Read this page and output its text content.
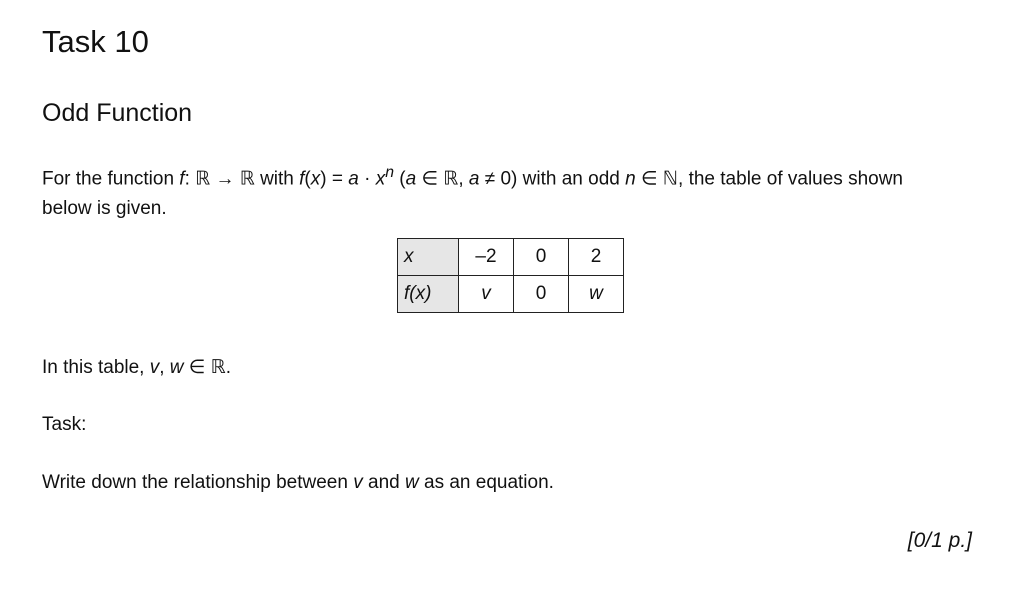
Task 10
Odd Function

For the function f: ℝ → ℝ with $f(x) = a \cdot x^n$ (a ∈ ℝ, a ≠ 0) with an odd n ∈ ℕ, the table of values shown below is given.

x	–2	0	2
f(x)	v	0	w

In this table, v, w ∈ ℝ.

Task:

Write down the relationship between v and w as an equation.

[0/1 p.]
